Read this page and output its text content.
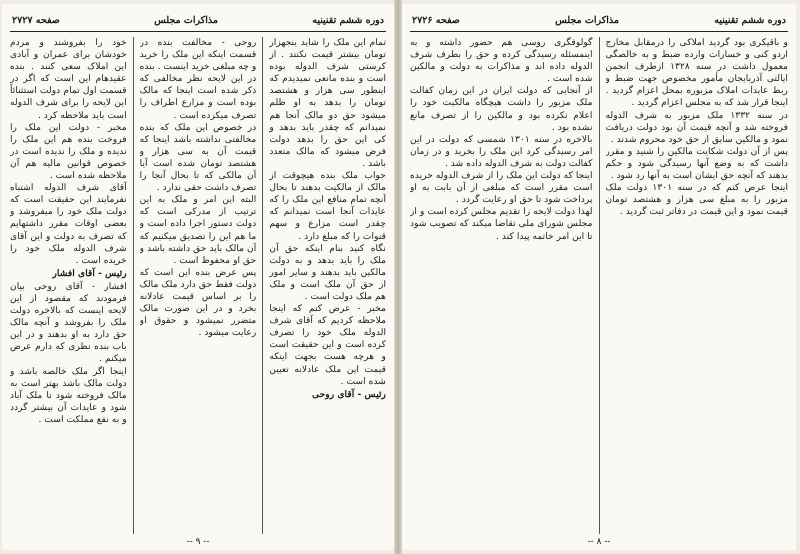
دوره ششم تقنینیه
مذاکرات مجلس
صفحه ۲۷۲۷

تمام این ملک را شاید ینجهزار تومان بیشتر قیمت نکنند . از کرستی شرف الدوله بوده است و بنده مانعی نمیدیدم که اینطور سی هزار و هشتصد تومان را بدهد به او ظلم میشود حق دو مالک آنجا هم نمیدانم که چقدر باید بدهد و کی این حق را بدهد دولت فرض میشود که مالک متعدد باشد .

جواب ملک بنده هیچوقت از مالک از مالکیت بدهند تا بحال آنچه تمام منافع این ملک را که عایدات آنجا است نمیدانم که چقدر است مزارع و سهم قنوات را که مبلغ دارد .

نگاه کنید بنام اینکه حق آن ملک را باید بدهد و به دولت مالکین باید بدهند و سایر امور از حق آن ملک است و ملک هم ملک دولت است .

مخبر - عرض کنم که اینجا ملاحظه کردیم که آقای شرف الدوله ملک خود را تصرف کرده است و این حقیقت است و هرچه هست بجهت اینکه قیمت این ملک عادلانه تعیین شده است .

رئیس - آقای روحی

روحی - مخالفت بنده در قسمت اینکه این ملک را خرید و چه مبلغی خرید اینست . بنده در این لایحه نظر مخالفی که ذکر شده است اینجا که مالک بوده است و مزارع اطراف را تصرف میکرده است .

در خصوص این ملک که بنده مخالفتی نداشته باشد اینجا که قیمت آن به سی هزار و هشتصد تومان شده است آیا آن مالکی که تا بحال آنجا را تصرف داشت حقی ندارد .

البته این امر و ملک به این ترتیب از مدرکی است که دولت دستور اجرا داده است و ما هم این را تصدیق میکنیم که آن مالک باید حق داشته باشد و حق او محفوظ است .

پس عرض بنده این است که دولت فقط حق دارد ملک مالک را بر اساس قیمت عادلانه بخرد و در این صورت مالک متضرر نمیشود و حقوق او رعایت میشود .

خود را بفروشند و مردم خودشان برای عمران و آبادی این املاک سعی کنند . بنده عقیدهام این است که اگر در قسمت اول تمام دولت استثنائاً این لایحه را برای شرف الدوله است باید ملاحظه کرد .

مخبر - دولت این ملک را فروخت بنده هم این ملک را ندیده و ملک را ندیده است در خصوص قوانین مالیه هم آن ملاحظه شده است .

آقای شرف الدوله اشتباه نفرمایند این حقیقت است که دولت ملک خود را میفروشد و بعضی اوقات مقرر داشتهایم که تصرف به دولت و این آقای شرف الدوله ملک خود را خریده است .

رئیس - آقای افشار

افشار - آقای روحی بیان فرمودند که مقصود از این لایحه اینست که بالاخره دولت ملک را بفروشد و آنچه مالک حق دارد به او بدهند و در این باب بنده نظری که دارم عرض میکنم .

اینجا اگر ملک خالصه باشد و دولت مالک باشد بهتر است به مالک فروخته شود تا ملک آباد شود و عایدات آن بیشتر گردد و به نفع مملکت است .

-- ۹ --
دوره ششم تقنینیه
مذاکرات مجلس
صفحه ۲۷۲۶

و باقیکری بود گردید املاکی را درمقابل مخارج اردو کنی و خسارات وارده ضبط و به خالصگی معمول داشت در سنه ۱۳۲۸ ازطرف انجمن ایالتی آذربایجان مأمور مخصوص جهت ضبط و ربط عایدات املاک مزبوره بمحل اعزام گردید . اینجا قرار شد که به مجلس اعزام گردید .

در سنه ۱۳۳۲ ملک مزبور به شرف الدوله فروخته شد و آنچه قیمت آن بود دولت دریافت نمود و مالکین سابق از حق خود محروم شدند .

پس از آن دولت شکایت مالکین را شنید و مقرر داشت که به وضع آنها رسیدگی شود و حکم بدهند که آنچه حق ایشان است به آنها رد شود .

اینجا عرض کنم که در سنه ۱۳۰۱ دولت ملک مزبور را به مبلغ سی هزار و هشتصد تومان قیمت نمود و این قیمت در دفاتر ثبت گردید .

گولوفگری روسی هم حضور داشته و به اینمسئله رسیدگی کرده و حق را بطرف شرف الدوله داده اند و مذاکرات به دولت و مالکین شده است .

از آنجایی که دولت ایران در این زمان کفالت ملک مزبور را داشت هیچگاه مالکیت خود را اعلام نکرده بود و مالکین را از تصرف مانع نشده بود .

بالاخره در سنه ۱۳۰۱ شمسی که دولت در این امر رسیدگی کرد این ملک را بخرید و در زمان کفالت دولت به شرف الدوله داده شد .

اینجا که دولت این ملک را از شرف الدوله خریده است مقرر است که مبلغی از آن بابت به او پرداخت شود تا حق او رعایت گردد .

لهذا دولت لایحه را تقدیم مجلس کرده است و از مجلس شورای ملی تقاضا میکند که تصویب شود تا این امر خاتمه پیدا کند .

-- ۸ --
